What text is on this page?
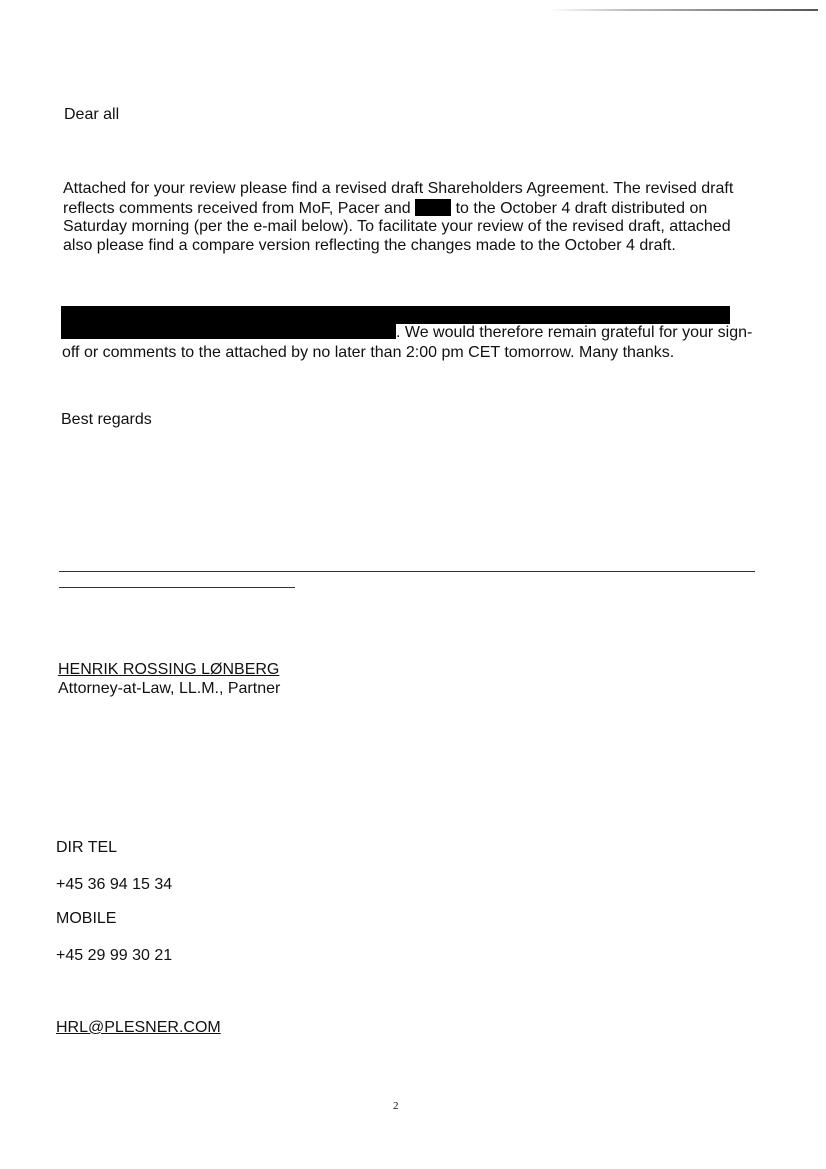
Dear all

Attached for your review please find a revised draft Shareholders Agreement. The revised draft reflects comments received from MoF, Pacer and	to the October 4 draft distributed on Saturday morning (per the e-mail below). To facilitate your review of the revised draft, attached also please find a compare version reflecting the changes made to the October 4 draft.

. We would therefore remain grateful for your sign-
off or comments to the attached by no later than 2:00 pm CET tomorrow. Many thanks.

Best regards

HENRIK ROSSING LØNBERG

Attorney-at-Law, LL.M., Partner

DIR TEL

+45 36 94 15 34

MOBILE

+45 29 99 30 21

HRL@PLESNER.COM

2
